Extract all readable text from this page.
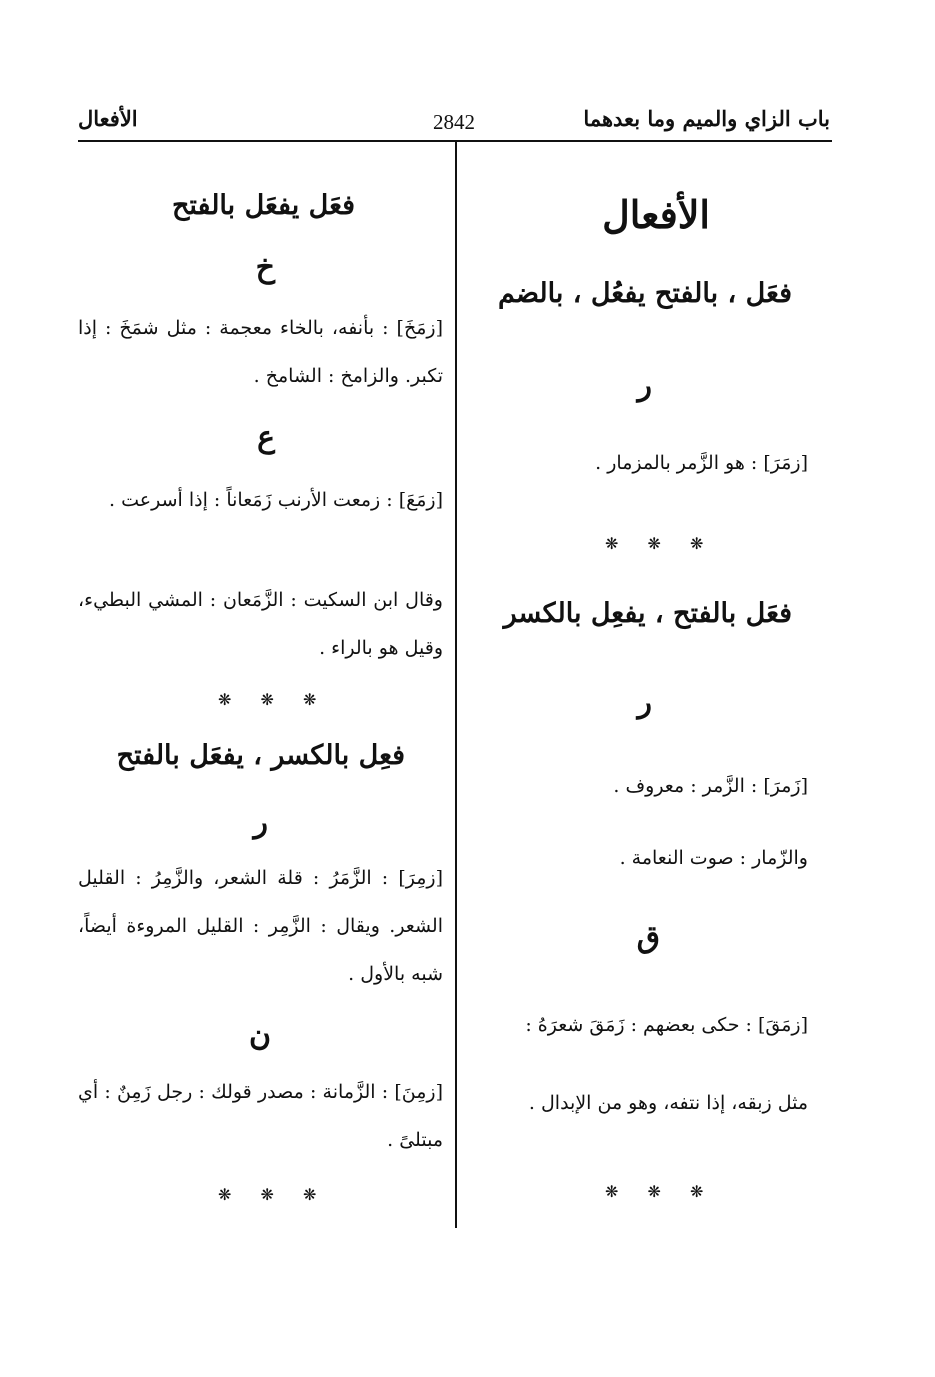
باب الزاي والميم وما بعدهما
2842
الأفعال
الأفعال
فعَل ، بالفتح يفعُل ، بالضم
ر
[زمَرَ] : هو الزَّمر بالمزمار .
❋ ❋ ❋
فعَل بالفتح ، يفعِل بالكسر
ر
[زَمرَ] : الزَّمر : معروف .
والزّمار : صوت النعامة .
ق
[زمَقَ] : حكى بعضهم : زَمَقَ شعرَهُ :
مثل زبقه، إذا نتفه، وهو من الإبدال .
❋ ❋ ❋
فعَل يفعَل بالفتح
خ
[زمَخَ] : بأنفه، بالخاء معجمة : مثل شمَخَ : إذا تكبر. والزامخ : الشامخ .
ع
[زمَعَ] : زمعت الأرنب زَمَعاناً : إذا أسرعت .
وقال ابن السكيت : الزَّمَعان : المشي البطيء، وقيل هو بالراء .
❋ ❋ ❋
فعِل بالكسر ، يفعَل بالفتح
ر
[زمِرَ] : الزَّمَرُ : قلة الشعر، والزَّمِرُ : القليل الشعر. ويقال : الزَّمِر : القليل المروءة أيضاً، شبه بالأول .
ن
[زمِنَ] : الزَّمانة : مصدر قولك : رجل زَمِنٌ : أي مبتلىً .
❋ ❋ ❋
